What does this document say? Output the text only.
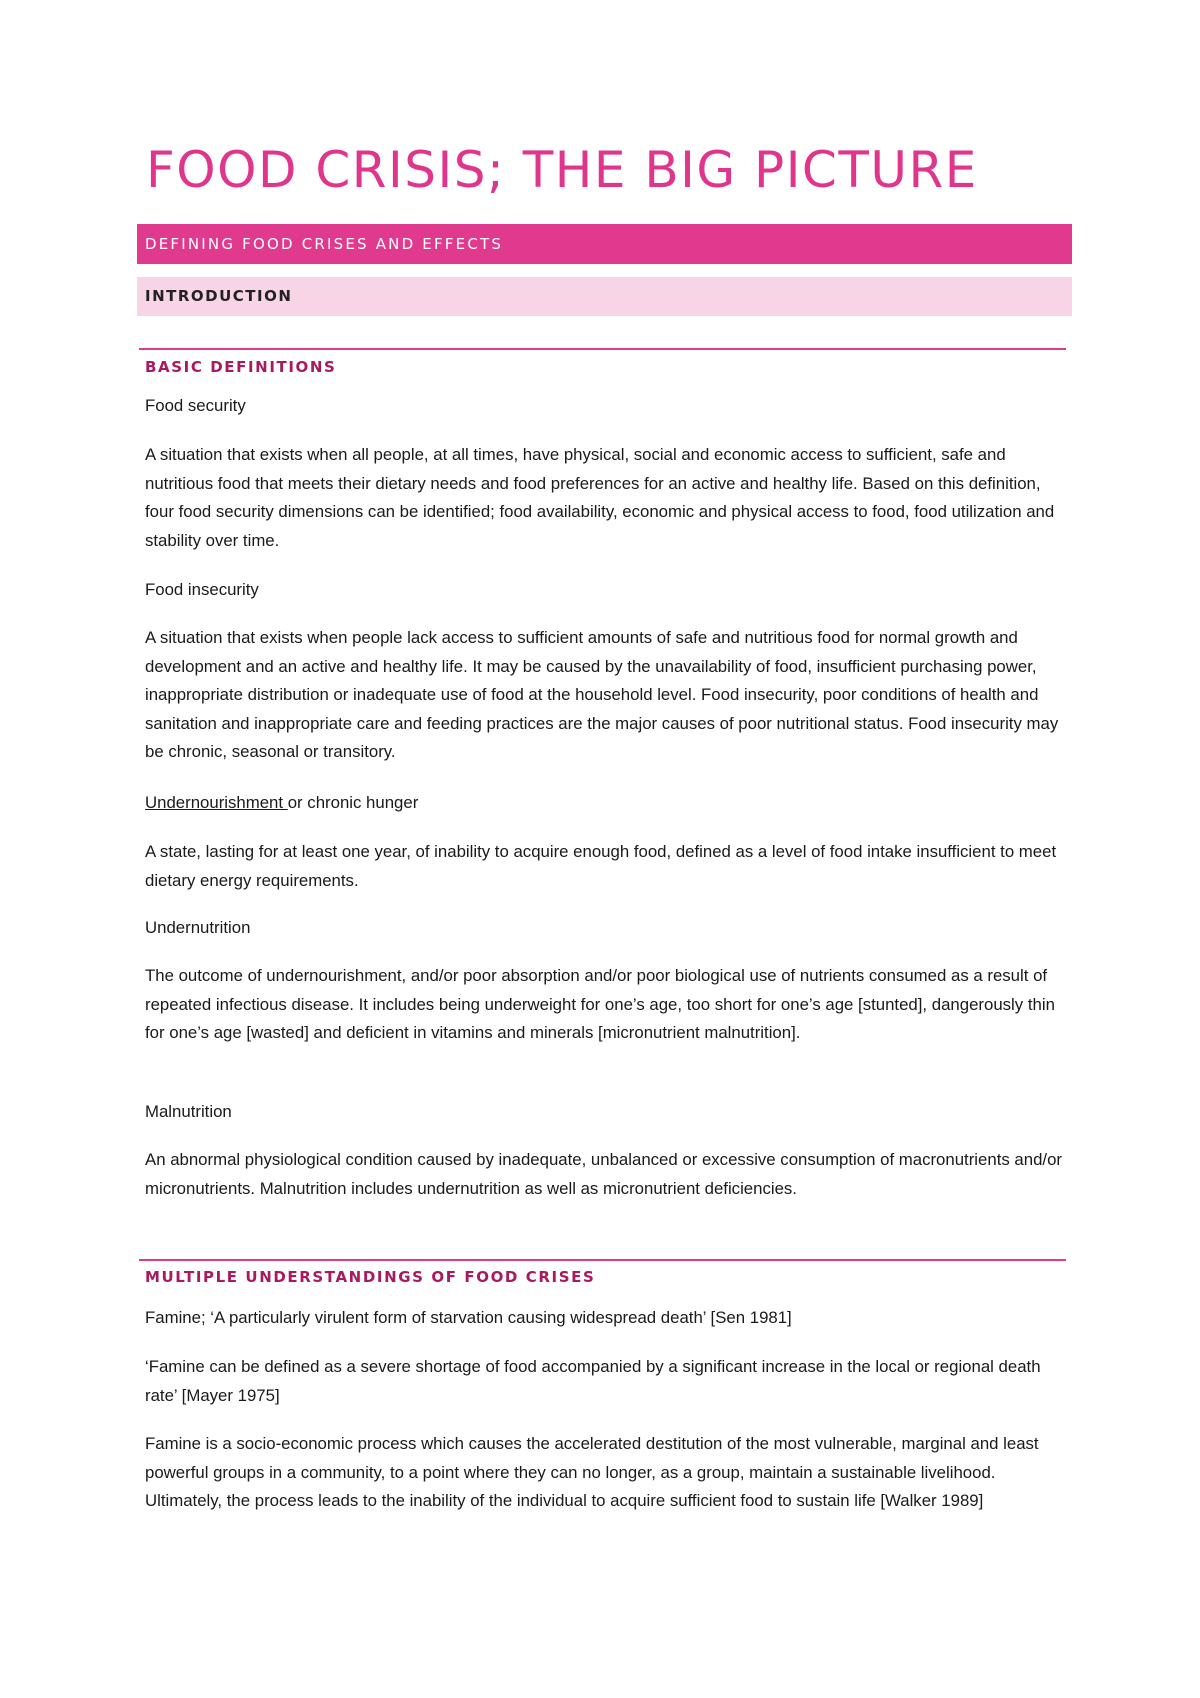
FOOD CRISIS; THE BIG PICTURE
DEFINING FOOD CRISES AND EFFECTS
INTRODUCTION
BASIC DEFINITIONS

Food security

A situation that exists when all people, at all times, have physical, social and economic access to sufficient, safe and nutritious food that meets their dietary needs and food preferences for an active and healthy life. Based on this definition, four food security dimensions can be identified; food availability, economic and physical access to food, food utilization and stability over time.

Food insecurity

A situation that exists when people lack access to sufficient amounts of safe and nutritious food for normal growth and development and an active and healthy life. It may be caused by the unavailability of food, insufficient purchasing power, inappropriate distribution or inadequate use of food at the household level. Food insecurity, poor conditions of health and sanitation and inappropriate care and feeding practices are the major causes of poor nutritional status. Food insecurity may be chronic, seasonal or transitory.

Undernourishment or chronic hunger

A state, lasting for at least one year, of inability to acquire enough food, defined as a level of food intake insufficient to meet dietary energy requirements.

Undernutrition

The outcome of undernourishment, and/or poor absorption and/or poor biological use of nutrients consumed as a result of repeated infectious disease. It includes being underweight for one’s age, too short for one’s age [stunted], dangerously thin for one’s age [wasted] and deficient in vitamins and minerals [micronutrient malnutrition].

Malnutrition

An abnormal physiological condition caused by inadequate, unbalanced or excessive consumption of macronutrients and/or micronutrients. Malnutrition includes undernutrition as well as micronutrient deficiencies.

MULTIPLE UNDERSTANDINGS OF FOOD CRISES

Famine; ‘A particularly virulent form of starvation causing widespread death’ [Sen 1981]

‘Famine can be defined as a severe shortage of food accompanied by a significant increase in the local or regional death rate’ [Mayer 1975]

Famine is a socio-economic process which causes the accelerated destitution of the most vulnerable, marginal and least powerful groups in a community, to a point where they can no longer, as a group, maintain a sustainable livelihood. Ultimately, the process leads to the inability of the individual to acquire sufficient food to sustain life [Walker 1989]
